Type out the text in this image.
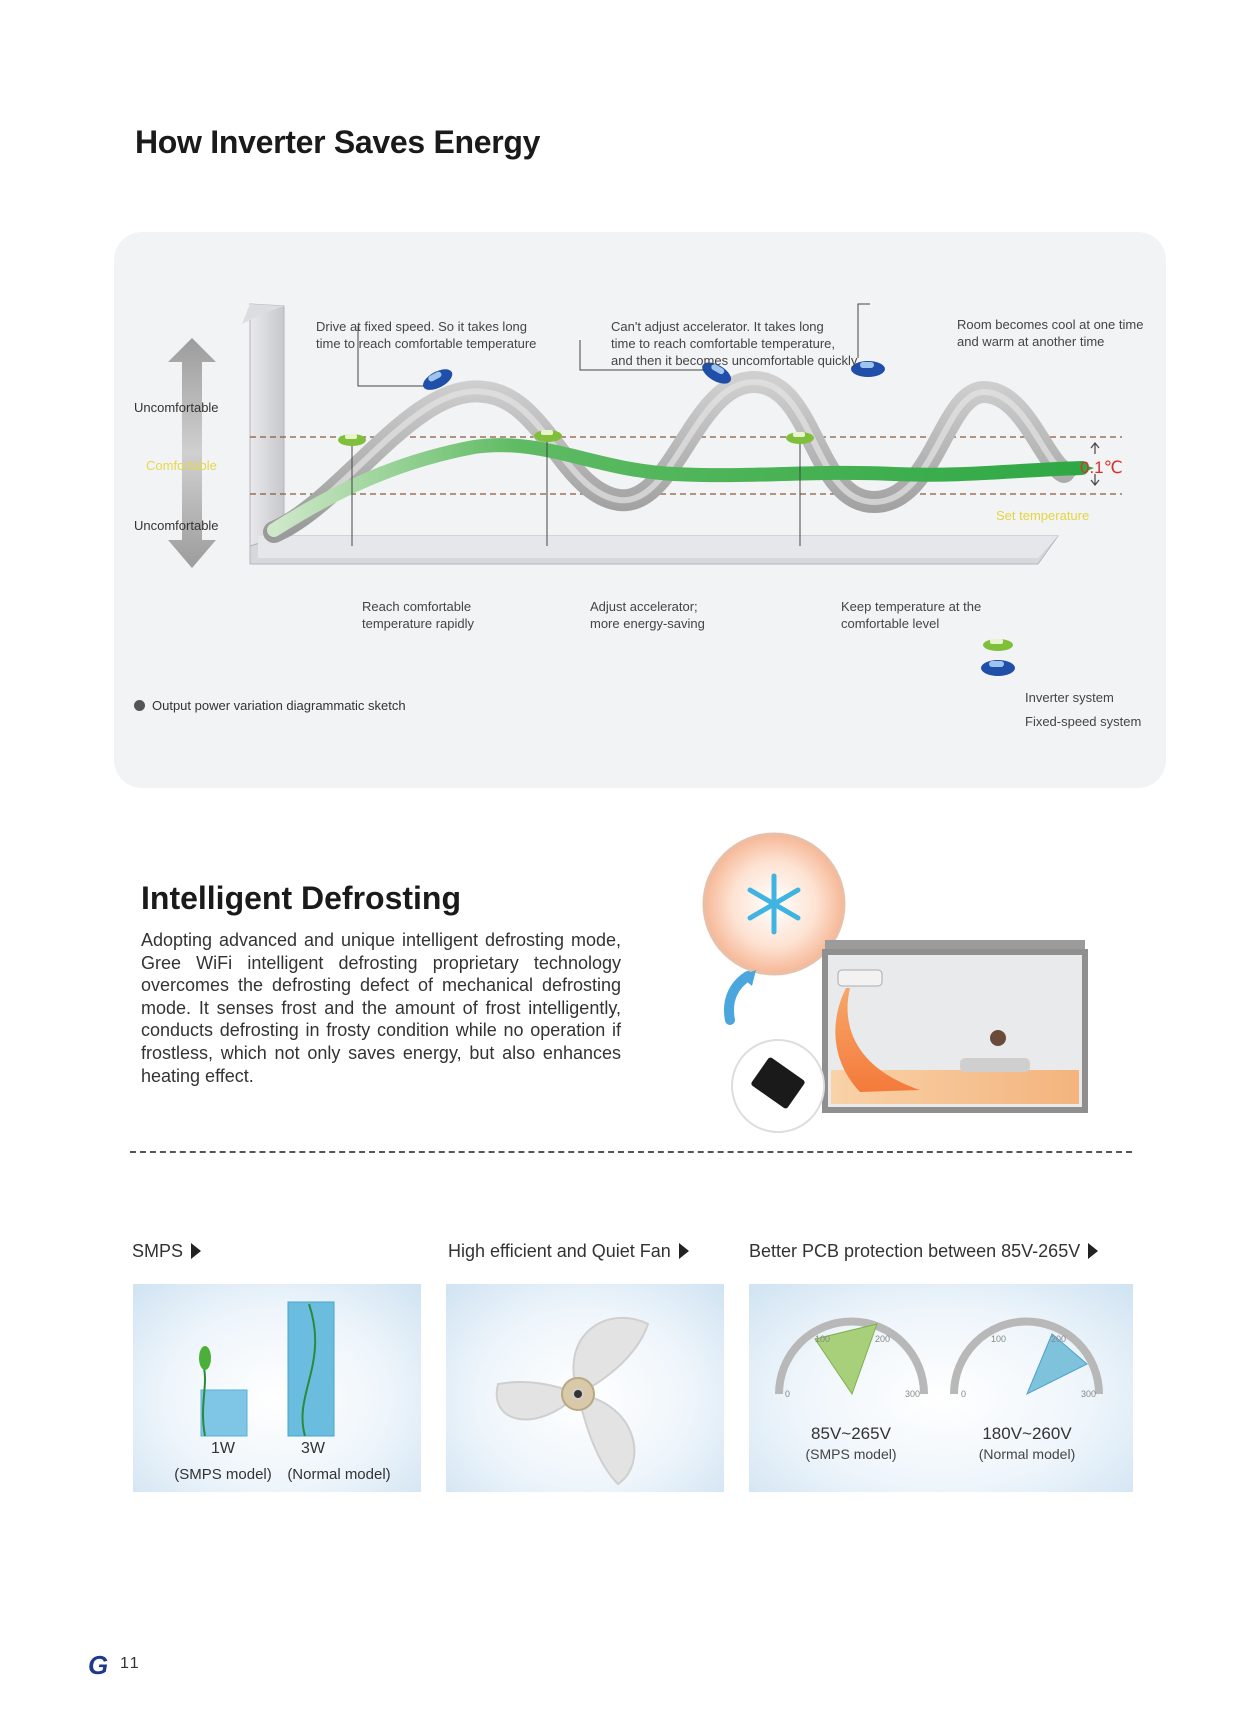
How Inverter Saves Energy
Uncomfortable
Comfortable
Uncomfortable
Drive at fixed speed. So it takes long
time to reach comfortable temperature
Can't adjust accelerator. It takes long
time to reach comfortable temperature,
and then it becomes uncomfortable quickly
Room becomes cool at one time
and warm at another time
Reach comfortable
temperature rapidly
Adjust accelerator;
more energy-saving
Keep temperature at the
comfortable level
0.1℃
Set temperature
Output power variation diagrammatic sketch
Inverter system
Fixed-speed system
Intelligent Defrosting
Adopting advanced and unique intelligent defrosting mode, Gree WiFi intelligent defrosting proprietary technology overcomes the defrosting defect of mechanical defrosting mode. It senses frost and the amount of frost intelligently, conducts defrosting in frosty condition while no operation if frostless, which not only saves energy, but also enhances heating effect.
SMPS	High efficient and Quiet Fan	Better PCB protection between 85V-265V
1W	3W
(SMPS model)	(Normal model)
0
100	200
300	0
100	200
300
85V~265V
(SMPS model)
180V~260V
(Normal model)
G 11
